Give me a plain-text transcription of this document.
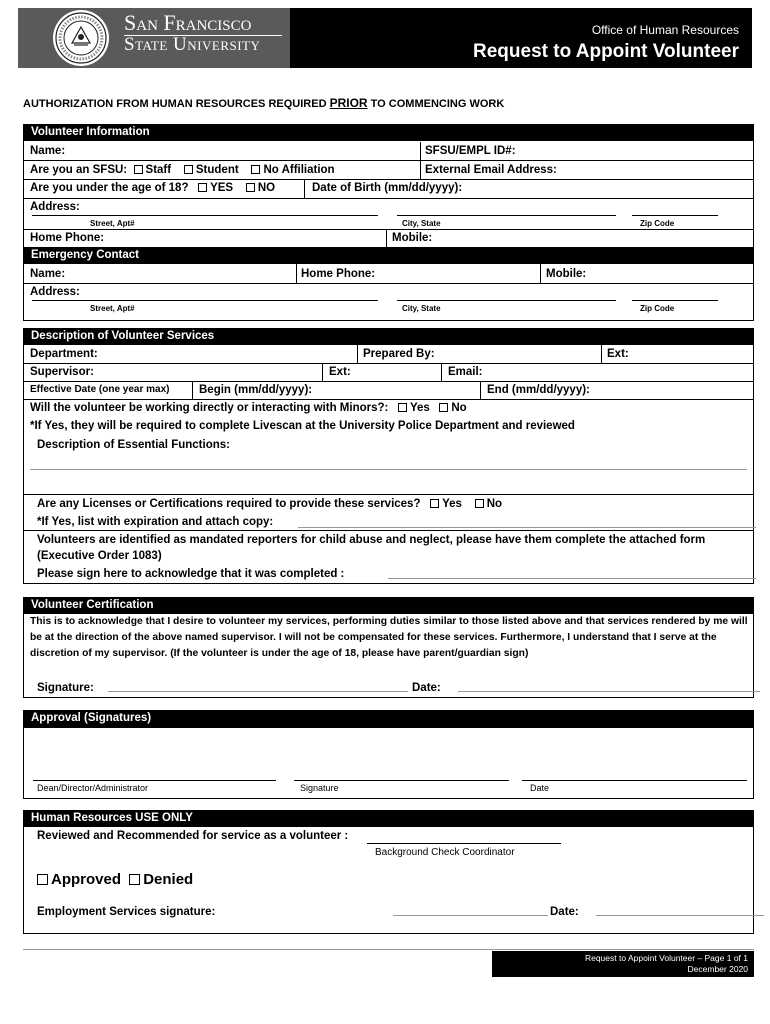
San Francisco
State University
Office of Human Resources
Request to Appoint Volunteer
AUTHORIZATION FROM HUMAN RESOURCES REQUIRED PRIOR TO COMMENCING WORK
Volunteer Information
Name:	SFSU/EMPL ID#:
Are you an SFSU: Staff Student No Affiliation	External Email Address:
Are you under the age of 18? YES NO	Date of Birth (mm/dd/yyyy):
Address:
Street, Apt#	City, State	Zip Code
Home Phone:	Mobile:
Emergency Contact
Name:	Home Phone:	Mobile:
Address:
Street, Apt#	City, State	Zip Code
Description of Volunteer Services
Department:	Prepared By:	Ext:
Supervisor:	Ext:	Email:
Effective Date (one year max)	Begin (mm/dd/yyyy):	End (mm/dd/yyyy):
Will the volunteer be working directly or interacting with Minors?: Yes No
*If Yes, they will be required to complete Livescan at the University Police Department and reviewed
Description of Essential Functions:
Are any Licenses or Certifications required to provide these services? Yes No
*If Yes, list with expiration and attach copy:
Volunteers are identified as mandated reporters for child abuse and neglect, please have them complete the attached form (Executive Order 1083)
Please sign here to acknowledge that it was completed :
Volunteer Certification
This is to acknowledge that I desire to volunteer my services, performing duties similar to those listed above and that services rendered by me will be at the direction of the above named supervisor. I will not be compensated for these services. Furthermore, I understand that I serve at the discretion of my supervisor. (If the volunteer is under the age of 18, please have parent/guardian sign)
Signature:	Date:
Approval (Signatures)
Dean/Director/Administrator	Signature	Date
Human Resources USE ONLY
Reviewed and Recommended for service as a volunteer :
Background Check Coordinator
Approved Denied
Employment Services signature:	Date:
Request to Appoint Volunteer – Page 1 of 1
December 2020
